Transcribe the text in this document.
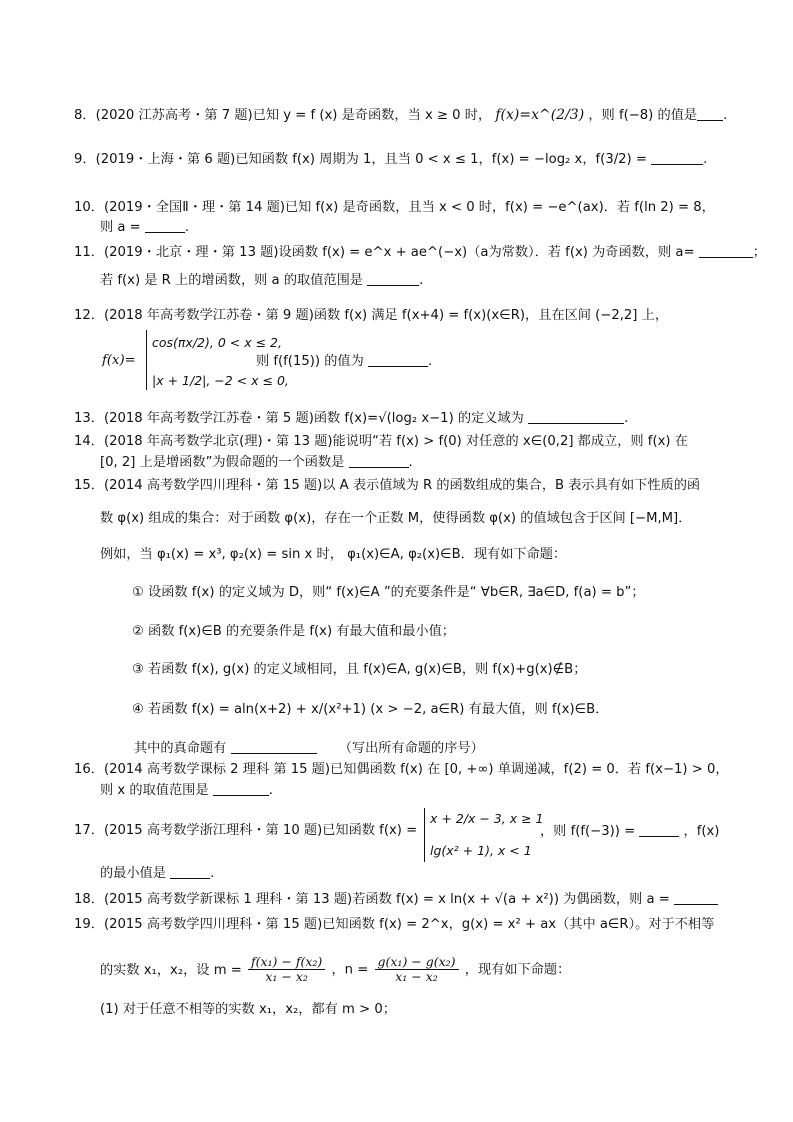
8．(2020 江苏高考・第 7 题)已知 y = f (x) 是奇函数，当 x ≥ 0 时， f(x)=x^(2/3) ，则 f(−8) 的值是 .
9．(2019・上海・第 6 题)已知函数 f(x) 周期为 1，且当 0 < x ≤ 1，f(x) = −log₂ x，f(3/2) =	.
10．(2019・全国Ⅱ・理・第 14 题)已知 f(x) 是奇函数，且当 x < 0 时，f(x) = −e^(ax)．若 f(ln 2) = 8，
则 a =	.
11．(2019・北京・理・第 13 题)设函数 f(x) = e^x + ae^(−x)（a为常数）．若 f(x) 为奇函数，则 a=	；
若 f(x) 是 R 上的增函数，则 a 的取值范围是	.
12．(2018 年高考数学江苏卷・第 9 题)函数 f(x) 满足 f(x+4) = f(x)(x∈R)，且在区间 (−2,2] 上，
f(x)=
cos(πx/2), 0 < x ≤ 2,
|x + 1/2|, −2 < x ≤ 0,
则 f(f(15)) 的值为	.
13．(2018 年高考数学江苏卷・第 5 题)函数 f(x)=√(log₂ x−1) 的定义域为	.
14．(2018 年高考数学北京(理)・第 13 题)能说明“若 f(x) > f(0) 对任意的 x∈(0,2] 都成立，则 f(x) 在
[0, 2] 上是增函数”为假命题的一个函数是	.
15．(2014 高考数学四川理科・第 15 题)以 A 表示值域为 R 的函数组成的集合，B 表示具有如下性质的函
数 φ(x) 组成的集合：对于函数 φ(x)，存在一个正数 M，使得函数 φ(x) 的值域包含于区间 [−M,M]．
例如，当 φ₁(x) = x³, φ₂(x) = sin x 时， φ₁(x)∈A, φ₂(x)∈B．现有如下命题：
① 设函数 f(x) 的定义域为 D，则“ f(x)∈A ”的充要条件是“ ∀b∈R, ∃a∈D, f(a) = b”；
② 函数 f(x)∈B 的充要条件是 f(x) 有最大值和最小值；
③ 若函数 f(x), g(x) 的定义域相同，且 f(x)∈A, g(x)∈B，则 f(x)+g(x)∉B；
④ 若函数 f(x) = aln(x+2) + x/(x²+1) (x > −2, a∈R) 有最大值，则 f(x)∈B．
其中的真命题有	（写出所有命题的序号）
16．(2014 高考数学课标 2 理科 第 15 题)已知偶函数 f(x) 在 [0, +∞) 单调递减，f(2) = 0．若 f(x−1) > 0，
则 x 的取值范围是	.
17．(2015 高考数学浙江理科・第 10 题)已知函数 f(x) =
x + 2/x − 3, x ≥ 1
lg(x² + 1), x < 1
，则 f(f(−3)) =	，f(x)
的最小值是	.
18．(2015 高考数学新课标 1 理科・第 13 题)若函数 f(x) = x ln(x + √(a + x²)) 为偶函数，则 a =
19．(2015 高考数学四川理科・第 15 题)已知函数 f(x) = 2^x，g(x) = x² + ax（其中 a∈R）。对于不相等
的实数 x₁，x₂，设 $m = \frac{\text{f(x₁) − f(x₂)}}{\text{x₁ − x₂}}$ ，$n = \frac{\text{g(x₁) − g(x₂)}}{\text{x₁ − x₂}}$ ，现有如下命题：
(1) 对于任意不相等的实数 x₁，x₂，都有 m > 0；
